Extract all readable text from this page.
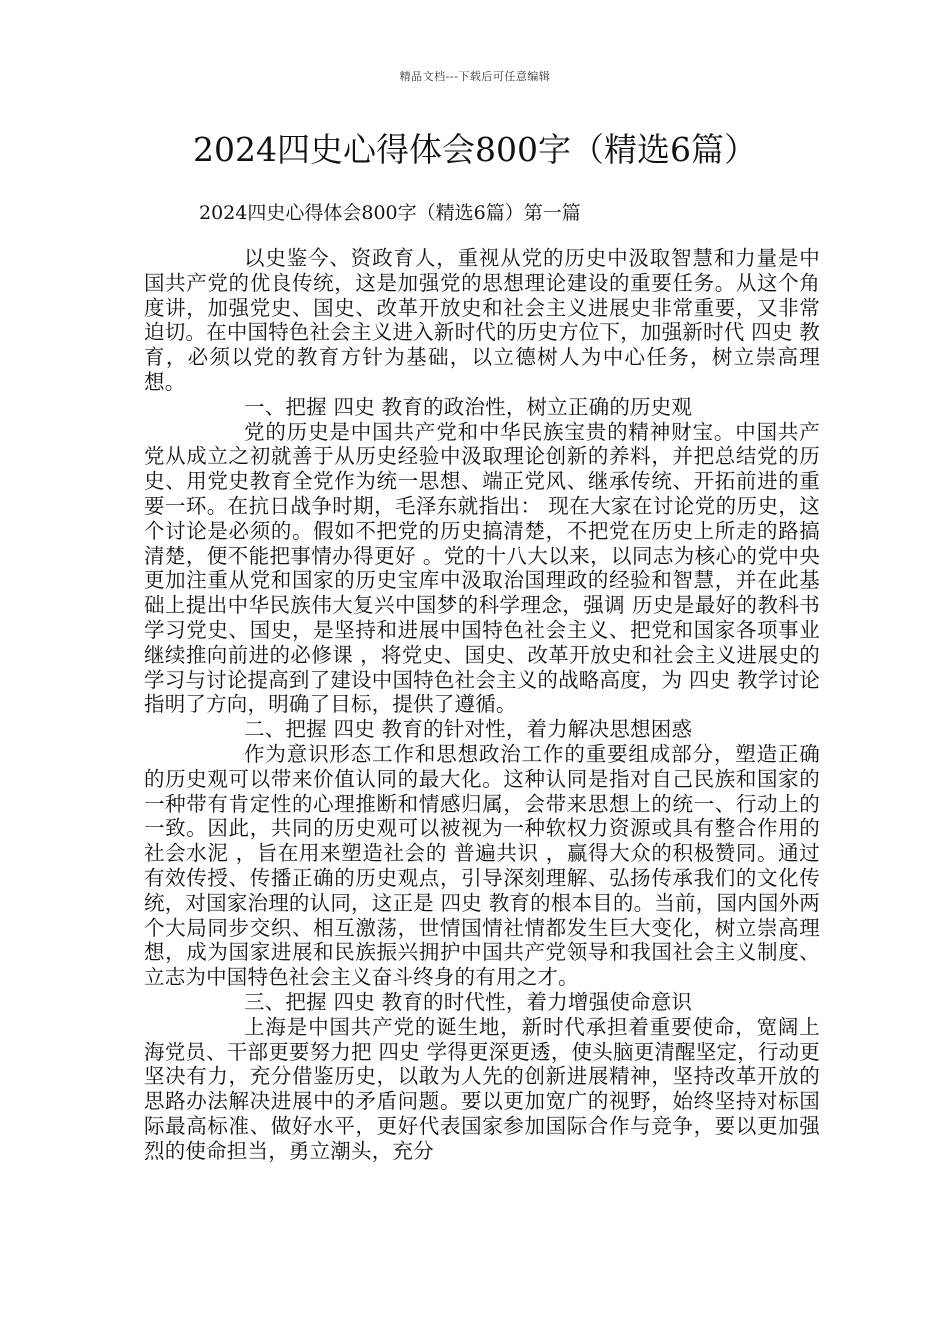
精品文档---下载后可任意编辑
2024四史心得体会800字（精选6篇）

2024四史心得体会800字（精选6篇）第一篇

以史鉴今、资政育人，重视从党的历史中汲取智慧和力量是中国共产党的优良传统，这是加强党的思想理论建设的重要任务。从这个角度讲，加强党史、国史、改革开放史和社会主义进展史非常重要，又非常迫切。在中国特色社会主义进入新时代的历史方位下，加强新时代 四史 教育，必须以党的教育方针为基础，以立德树人为中心任务，树立崇高理想。

一、把握 四史 教育的政治性，树立正确的历史观

党的历史是中国共产党和中华民族宝贵的精神财宝。中国共产党从成立之初就善于从历史经验中汲取理论创新的养料，并把总结党的历史、用党史教育全党作为统一思想、端正党风、继承传统、开拓前进的重要一环。在抗日战争时期，毛泽东就指出： 现在大家在讨论党的历史，这个讨论是必须的。假如不把党的历史搞清楚，不把党在历史上所走的路搞清楚，便不能把事情办得更好 。党的十八大以来，以同志为核心的党中央更加注重从党和国家的历史宝库中汲取治国理政的经验和智慧，并在此基础上提出中华民族伟大复兴中国梦的科学理念，强调 历史是最好的教科书 学习党史、国史，是坚持和进展中国特色社会主义、把党和国家各项事业继续推向前进的必修课 ，将党史、国史、改革开放史和社会主义进展史的学习与讨论提高到了建设中国特色社会主义的战略高度，为 四史 教学讨论指明了方向，明确了目标，提供了遵循。

二、把握 四史 教育的针对性，着力解决思想困惑

作为意识形态工作和思想政治工作的重要组成部分，塑造正确的历史观可以带来价值认同的最大化。这种认同是指对自己民族和国家的一种带有肯定性的心理推断和情感归属，会带来思想上的统一、行动上的一致。因此，共同的历史观可以被视为一种软权力资源或具有整合作用的 社会水泥 ，旨在用来塑造社会的 普遍共识 ，赢得大众的积极赞同。通过有效传授、传播正确的历史观点，引导深刻理解、弘扬传承我们的文化传统，对国家治理的认同，这正是 四史 教育的根本目的。当前，国内国外两个大局同步交织、相互激荡，世情国情社情都发生巨大变化，树立崇高理想，成为国家进展和民族振兴拥护中国共产党领导和我国社会主义制度、立志为中国特色社会主义奋斗终身的有用之才。

三、把握 四史 教育的时代性，着力增强使命意识

上海是中国共产党的诞生地，新时代承担着重要使命，宽阔上海党员、干部更要努力把 四史 学得更深更透，使头脑更清醒坚定，行动更坚决有力，充分借鉴历史，以敢为人先的创新进展精神，坚持改革开放的思路办法解决进展中的矛盾问题。要以更加宽广的视野，始终坚持对标国际最高标准、做好水平，更好代表国家参加国际合作与竞争，要以更加强烈的使命担当，勇立潮头，充分
